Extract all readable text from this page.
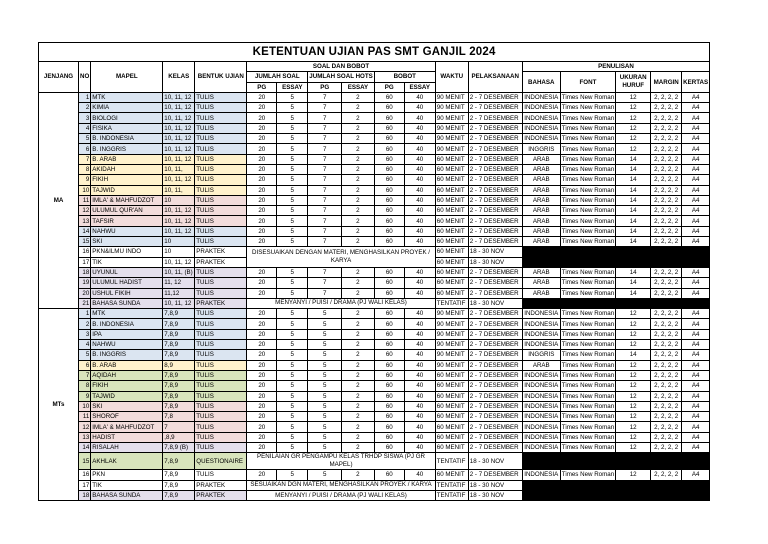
KETENTUAN UJIAN PAS SMT GANJIL 2024																	
JENJANG	NO	MAPEL	KELAS	BENTUK UJIAN	SOAL DAN BOBOT						WAKTU	PELAKSANAAN	PENULISAN				
					JUMLAH SOAL		JUMLAH SOAL HOTS		BOBOT				BAHASA	FONT	UKURAN HURUF	MARGIN	KERTAS
					PG	ESSAY	PG	ESSAY	PG	ESSAY							
MA	1	MTK	10, 11, 12	TULIS	20	5	7	2	60	40	90 MENIT	2 - 7 DESEMBER	INDONESIA	Times New Roman	12	2, 2, 2, 2	A4
	2	KIMIA	10, 11, 12	TULIS	20	5	7	2	60	40	90 MENIT	2 - 7 DESEMBER	INDONESIA	Times New Roman	12	2, 2, 2, 2	A4
	3	BIOLOGI	10, 11, 12	TULIS	20	5	7	2	60	40	90 MENIT	2 - 7 DESEMBER	INDONESIA	Times New Roman	12	2, 2, 2, 2	A4
	4	FISIKA	10, 11, 12	TULIS	20	5	7	2	60	40	90 MENIT	2 - 7 DESEMBER	INDONESIA	Times New Roman	12	2, 2, 2, 2	A4
	5	B. INDONESIA	10, 11, 12	TULIS	20	5	7	2	60	40	90 MENIT	2 - 7 DESEMBER	INDONESIA	Times New Roman	12	2, 2, 2, 2	A4
	6	B. INGGRIS	10, 11, 12	TULIS	20	5	7	2	60	40	90 MENIT	2 - 7 DESEMBER	INGGRIS	Times New Roman	12	2, 2, 2, 2	A4
	7	B. ARAB	10, 11, 12	TULIS	20	5	7	2	60	40	60 MENIT	2 - 7 DESEMBER	ARAB	Times New Roman	14	2, 2, 2, 2	A4
	8	AKIDAH	10, 11,	TULIS	20	5	7	2	60	40	60 MENIT	2 - 7 DESEMBER	ARAB	Times New Roman	14	2, 2, 2, 2	A4
	9	FIKIH	10, 11, 12	TULIS	20	5	7	2	60	40	60 MENIT	2 - 7 DESEMBER	ARAB	Times New Roman	14	2, 2, 2, 2	A4
	10	TAJWID	10, 11,	TULIS	20	5	7	2	60	40	60 MENIT	2 - 7 DESEMBER	ARAB	Times New Roman	14	2, 2, 2, 2	A4
	11	IMLA' & MAHFUDZOT	10	TULIS	20	5	7	2	60	40	60 MENIT	2 - 7 DESEMBER	ARAB	Times New Roman	14	2, 2, 2, 2	A4
	12	ULUMUL QUR'AN	10, 11, 12	TULIS	20	5	7	2	60	40	60 MENIT	2 - 7 DESEMBER	ARAB	Times New Roman	14	2, 2, 2, 2	A4
	13	TAFSIR	10, 11, 12	TULIS	20	5	7	2	60	40	60 MENIT	2 - 7 DESEMBER	ARAB	Times New Roman	14	2, 2, 2, 2	A4
	14	NAHWU	10, 11, 12	TULIS	20	5	7	2	60	40	60 MENIT	2 - 7 DESEMBER	ARAB	Times New Roman	14	2, 2, 2, 2	A4
	15	SKI	10	TULIS	20	5	7	2	60	40	60 MENIT	2 - 7 DESEMBER	ARAB	Times New Roman	14	2, 2, 2, 2	A4
	16	PKN&ILMU INDO	10	PRAKTEK	DISESUAIKAN DENGAN MATERI, MENGHASILKAN PROYEK / KARYA						60 MENIT	18 - 30 NOV					
	17	TIK	10, 11, 12	PRAKTEK							60 MENIT	18 - 30 NOV					
	18	UYUNUL	10, 11, (B)	TULIS	20	5	7	2	60	40	60 MENIT	2 - 7 DESEMBER	ARAB	Times New Roman	14	2, 2, 2, 2	A4
	19	ULUMUL HADIST	11, 12	TULIS	20	5	7	2	60	40	60 MENIT	2 - 7 DESEMBER	ARAB	Times New Roman	14	2, 2, 2, 2	A4
	20	USHUL FIKIH	11,12	TULIS	20	5	7	2	60	40	60 MENIT	2 - 7 DESEMBER	ARAB	Times New Roman	14	2, 2, 2, 2	A4
	21	BAHASA SUNDA	10, 11, 12	PRAKTEK	MENYANYI / PUISI / DRAMA (PJ WALI KELAS)						TENTATIF	18 - 30 NOV					
MTs	1	MTK	7,8,9	TULIS	20	5	5	2	60	40	90 MENIT	2 - 7 DESEMBER	INDONESIA	Times New Roman	12	2, 2, 2, 2	A4
	2	B. INDONESIA	7,8,9	TULIS	20	5	5	2	60	40	90 MENIT	2 - 7 DESEMBER	INDONESIA	Times New Roman	12	2, 2, 2, 2	A4
	3	IPA	7,8,9	TULIS	20	5	5	2	60	40	90 MENIT	2 - 7 DESEMBER	INDONESIA	Times New Roman	12	2, 2, 2, 2	A4
	4	NAHWU	7,8,9	TULIS	20	5	5	2	60	40	90 MENIT	2 - 7 DESEMBER	INDONESIA	Times New Roman	12	2, 2, 2, 2	A4
	5	B. INGGRIS	7,8,9	TULIS	20	5	5	2	60	40	90 MENIT	2 - 7 DESEMBER	INGGRIS	Times New Roman	14	2, 2, 2, 2	A4
	6	B. ARAB	8,9	TULIS	20	5	5	2	60	40	90 MENIT	2 - 7 DESEMBER	ARAB	Times New Roman	12	2, 2, 2, 2	A4
	7	AQIDAH	7,8,9	TULIS	20	5	5	2	60	40	60 MENIT	2 - 7 DESEMBER	INDONESIA	Times New Roman	12	2, 2, 2, 2	A4
	8	FIKIH	7,8,9	TULIS	20	5	5	2	60	40	60 MENIT	2 - 7 DESEMBER	INDONESIA	Times New Roman	12	2, 2, 2, 2	A4
	9	TAJWID	7,8,9	TULIS	20	5	5	2	60	40	60 MENIT	2 - 7 DESEMBER	INDONESIA	Times New Roman	12	2, 2, 2, 2	A4
	10	SKI	7,8,9	TULIS	20	5	5	2	60	40	60 MENIT	2 - 7 DESEMBER	INDONESIA	Times New Roman	12	2, 2, 2, 2	A4
	11	SHOROF	7,8	TULIS	20	5	5	2	60	40	60 MENIT	2 - 7 DESEMBER	INDONESIA	Times New Roman	12	2, 2, 2, 2	A4
	12	IMLA' & MAHFUDZOT	7	TULIS	20	5	5	2	60	40	60 MENIT	2 - 7 DESEMBER	INDONESIA	Times New Roman	12	2, 2, 2, 2	A4
	13	HADIST	,8,9	TULIS	20	5	5	2	60	40	60 MENIT	2 - 7 DESEMBER	INDONESIA	Times New Roman	12	2, 2, 2, 2	A4
	14	RISALAH	7,8,9 (B)	TULIS	20	5	5	2	60	40	60 MENIT	2 - 7 DESEMBER	INDONESIA	Times New Roman	12	2, 2, 2, 2	A4
	15	AKHLAK	7,8,9	QUESTIONAIRE	PENILAIAN GR PENGAMPU KELAS TRHDP SISWA (PJ GR MAPEL)						TENTATIF	18 - 30 NOV					
	16	PKN	7,8,9	TULIS	20	5	5	2	60	40	60 MENIT	2 - 7 DESEMBER	INDONESIA	Times New Roman	12	2, 2, 2, 2	A4
	17	TIK	7,8,9	PRAKTEK	SESUAIKAN DGN MATERI, MENGHASILKAN PROYEK / KARYA						TENTATIF	18 - 30 NOV					
	18	BAHASA SUNDA	7,8,9	PRAKTEK	MENYANYI / PUISI / DRAMA (PJ WALI KELAS)						TENTATIF	18 - 30 NOV					
